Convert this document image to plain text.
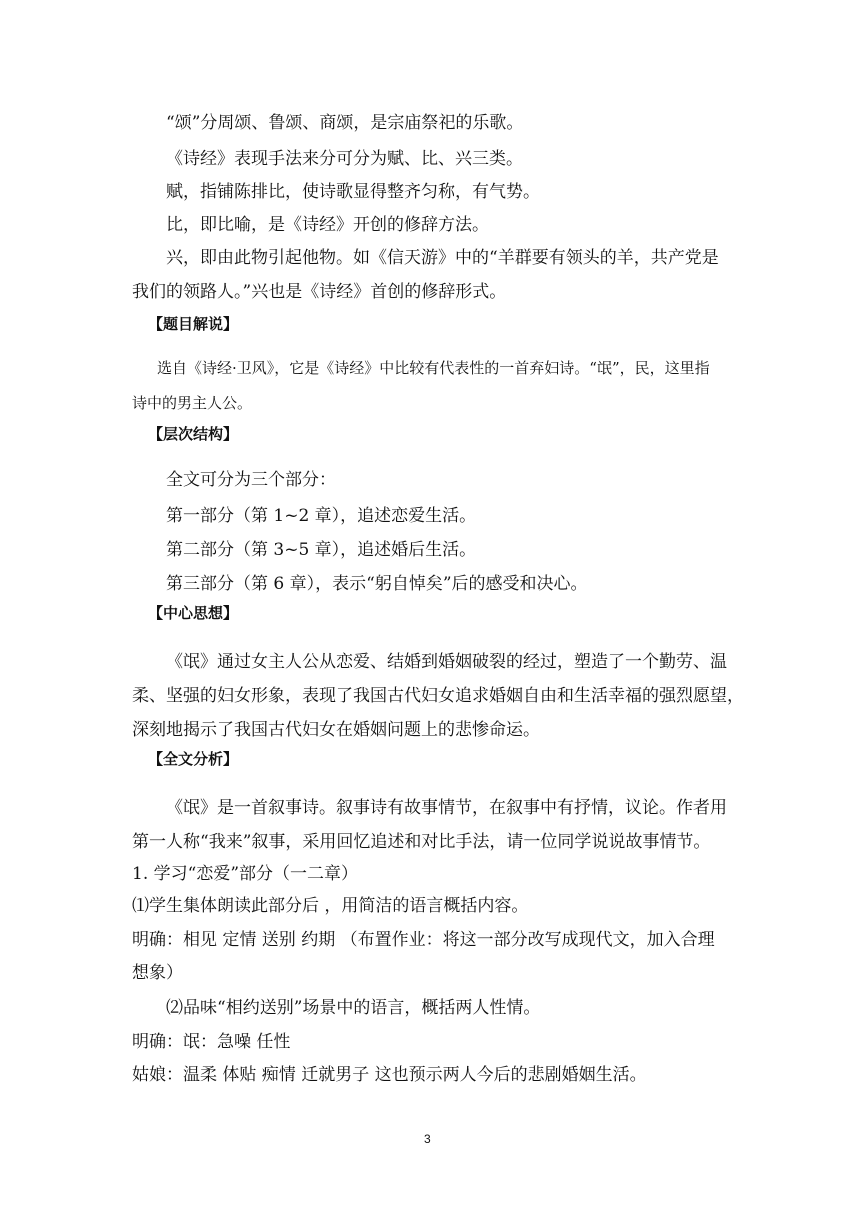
“颂”分周颂、鲁颂、商颂，是宗庙祭祀的乐歌。
《诗经》表现手法来分可分为赋、比、兴三类。
赋，指铺陈排比，使诗歌显得整齐匀称，有气势。
比，即比喻，是《诗经》开创的修辞方法。
兴，即由此物引起他物。如《信天游》中的“羊群要有领头的羊，共产党是
我们的领路人。”兴也是《诗经》首创的修辞形式。
【题目解说】
选自《诗经·卫风》，它是《诗经》中比较有代表性的一首弃妇诗。“氓”，民，这里指
诗中的男主人公。
【层次结构】
全文可分为三个部分：
第一部分（第 1~2 章），追述恋爱生活。
第二部分（第 3~5 章），追述婚后生活。
第三部分（第 6 章），表示“躬自悼矣”后的感受和决心。
【中心思想】
《氓》通过女主人公从恋爱、结婚到婚姻破裂的经过，塑造了一个勤劳、温
柔、坚强的妇女形象，表现了我国古代妇女追求婚姻自由和生活幸福的强烈愿望，
深刻地揭示了我国古代妇女在婚姻问题上的悲惨命运。
【全文分析】
《氓》是一首叙事诗。叙事诗有故事情节，在叙事中有抒情，议论。作者用
第一人称“我来”叙事，采用回忆追述和对比手法，请一位同学说说故事情节。
1. 学习“恋爱”部分（一二章）
⑴学生集体朗读此部分后 ，用简洁的语言概括内容。
明确：相见 定情 送别 约期 （布置作业：将这一部分改写成现代文，加入合理
想象）
⑵品味“相约送别”场景中的语言，概括两人性情。
明确：氓：急噪 任性
姑娘：温柔 体贴 痴情 迁就男子 这也预示两人今后的悲剧婚姻生活。
3
